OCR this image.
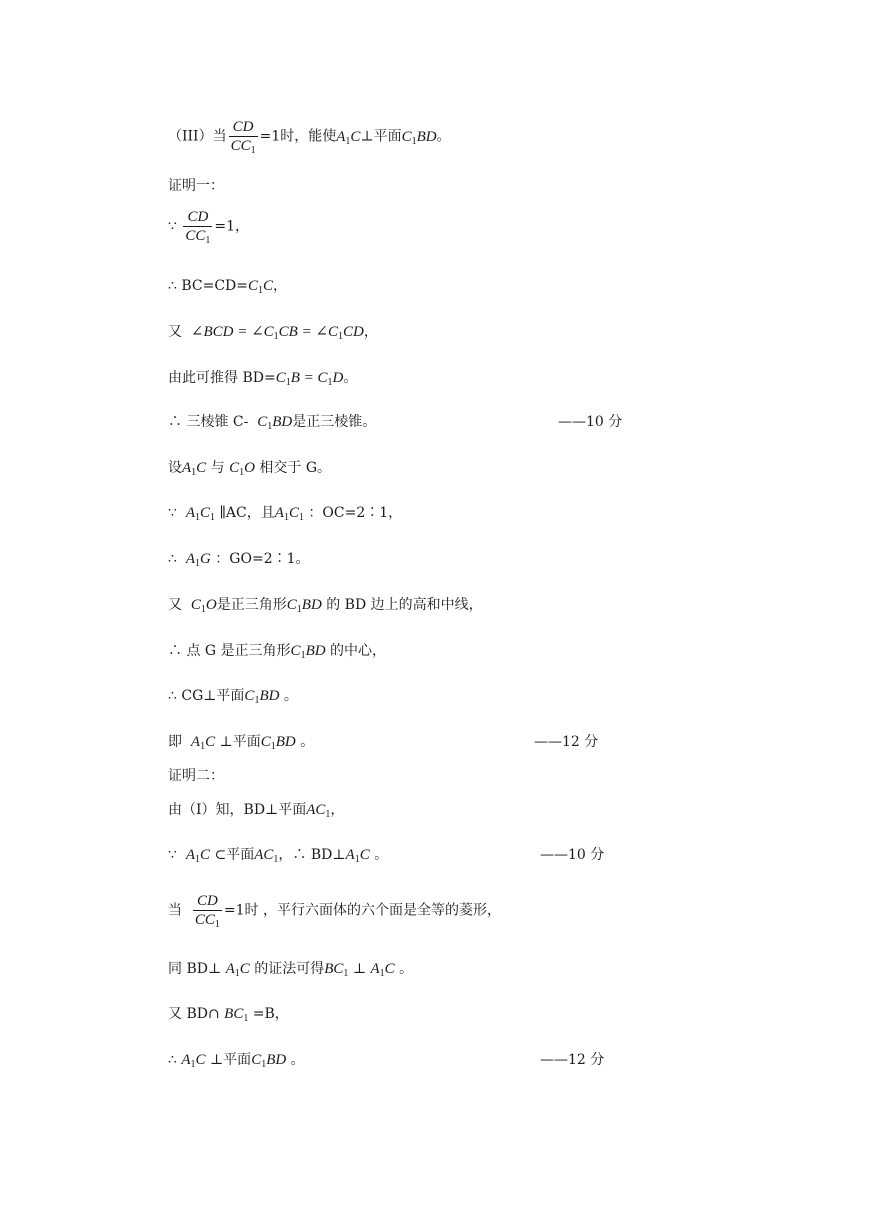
（III）当 $\frac{CD}{CC_1} =1$时，能使$A_1C\perp$平面$C_1BD$。
证明一：
∵ $\frac{CD}{CC_1} =1$，
∴ $BC=CD=C_1C$，
又 ∠BCD = $\angle C_1CB$ = $\angle C_1CD$，
由此可推得 $BD=C_1B = C_1D$。
∴ 三棱锥 C- $C_1BD$是正三棱锥。	——10 分
设$A_1C$ 与 $C_1O$ 相交于 G。
∵ $A_1C_1$ ∥AC，且$A_1C_1$ ：OC=2∶1，
∴ $A_1G$ ：GO=2∶1。
又 $C_1O$是正三角形$C_1BD$ 的 BD 边上的高和中线，
∴ 点 G 是正三角形$C_1BD$ 的中心，
∴ CG⊥平面$C_1BD$ 。
即 $A_1C$ ⊥平面$C_1BD$ 。	——12 分
证明二：
由（I）知，BD⊥平面$AC_1$，
∵ $A_1C$ ⊂平面$AC_1$，∴ $BD\perp A_1C$ 。	——10 分
当 $\frac{CD}{CC_1} =1$时 ，平行六面体的六个面是全等的菱形，
同 BD⊥ $A_1C$ 的证法可得$BC_1$ ⊥ $A_1C$ 。
又 BD∩ $BC_1 =B$，
∴ $A_1C$ ⊥平面$C_1BD$ 。	——12 分
